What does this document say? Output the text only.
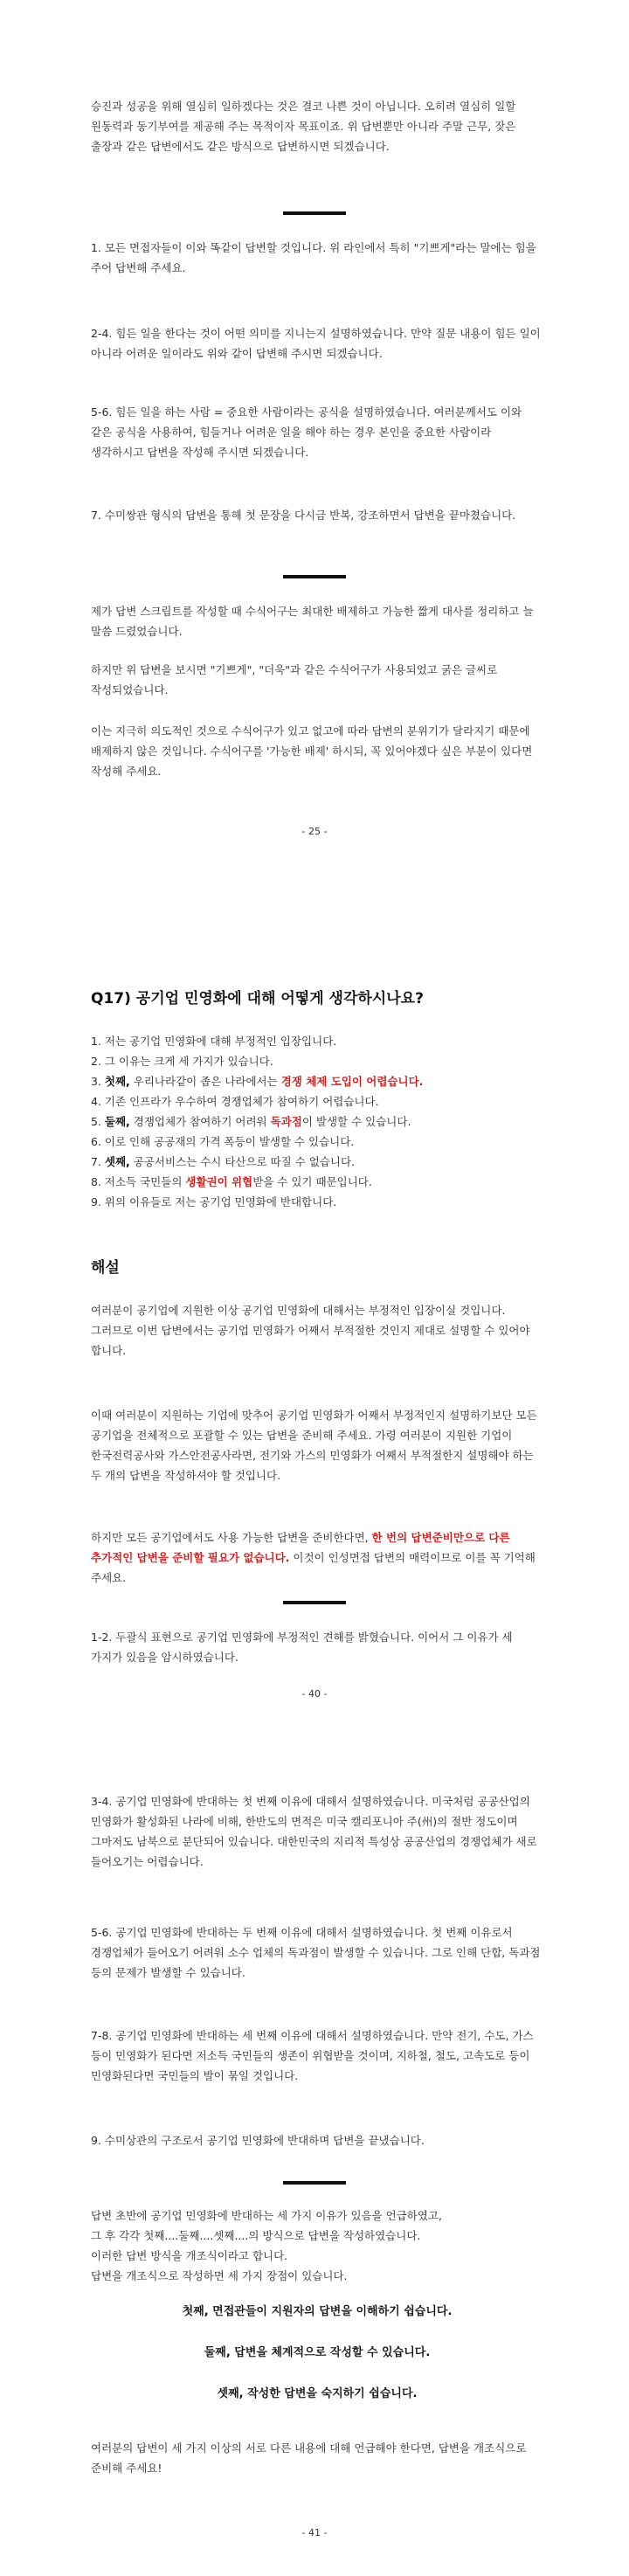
승진과 성공을 위해 열심히 일하겠다는 것은 결코 나쁜 것이 아닙니다. 오히려 열심히 일할 원동력과 동기부여를 제공해 주는 목적이자 목표이죠. 위 답변뿐만 아니라 주말 근무, 잦은 출장과 같은 답변에서도 같은 방식으로 답변하시면 되겠습니다.

1. 모든 면접자들이 이와 똑같이 답변할 것입니다. 위 라인에서 특히 "기쁘게"라는 말에는 힘을 주어 답변해 주세요.

2-4. 힘든 일을 한다는 것이 어떤 의미를 지니는지 설명하였습니다. 만약 질문 내용이 힘든 일이 아니라 어려운 일이라도 위와 같이 답변해 주시면 되겠습니다.

5-6. 힘든 일을 하는 사람 = 중요한 사람이라는 공식을 설명하였습니다. 여러분께서도 이와 같은 공식을 사용하여, 힘들거나 어려운 일을 해야 하는 경우 본인을 중요한 사람이라 생각하시고 답변을 작성해 주시면 되겠습니다.

7. 수미쌍관 형식의 답변을 통해 첫 문장을 다시금 반복, 강조하면서 답변을 끝마쳤습니다.

제가 답변 스크립트를 작성할 때 수식어구는 최대한 배제하고 가능한 짧게 대사를 정리하고 늘 말씀 드렸었습니다.

하지만 위 답변을 보시면 "기쁘게", "더욱"과 같은 수식어구가 사용되었고 굵은 글씨로 작성되었습니다.

이는 지극히 의도적인 것으로 수식어구가 있고 없고에 따라 답변의 분위기가 달라지기 때문에 배제하지 않은 것입니다. 수식어구를 '가능한 배제' 하시되, 꼭 있어야겠다 싶은 부분이 있다면 작성해 주세요.

- 25 -

Q17) 공기업 민영화에 대해 어떻게 생각하시나요?

1. 저는 공기업 민영화에 대해 부정적인 입장입니다.

2. 그 이유는 크게 세 가지가 있습니다.

3. 첫째, 우리나라같이 좁은 나라에서는 경쟁 체제 도입이 어렵습니다.

4. 기존 인프라가 우수하여 경쟁업체가 참여하기 어렵습니다.

5. 둘째, 경쟁업체가 참여하기 어려워 독과점이 발생할 수 있습니다.

6. 이로 인해 공공재의 가격 폭등이 발생할 수 있습니다.

7. 셋째, 공공서비스는 수시 타산으로 따질 수 없습니다.

8. 저소득 국민들의 생활권이 위협받을 수 있기 때문입니다.

9. 위의 이유들로 저는 공기업 민영화에 반대합니다.

해설

여러분이 공기업에 지원한 이상 공기업 민영화에 대해서는 부정적인 입장이실 것입니다.

그러므로 이번 답변에서는 공기업 민영화가 어째서 부적절한 것인지 제대로 설명할 수 있어야 합니다.

이때 여러분이 지원하는 기업에 맞추어 공기업 민영화가 어째서 부정적인지 설명하기보단 모든 공기업을 전체적으로 포괄할 수 있는 답변을 준비해 주세요. 가령 여러분이 지원한 기업이 한국전력공사와 가스안전공사라면, 전기와 가스의 민영화가 어째서 부적절한지 설명해야 하는 두 개의 답변을 작성하셔야 할 것입니다.

하지만 모든 공기업에서도 사용 가능한 답변을 준비한다면, 한 번의 답변준비만으로 다른 추가적인 답변을 준비할 필요가 없습니다. 이것이 인성면접 답변의 매력이므로 이를 꼭 기억해 주세요.

1-2. 두괄식 표현으로 공기업 민영화에 부정적인 견해를 밝혔습니다. 이어서 그 이유가 세 가지가 있음을 암시하였습니다.

- 40 -

3-4. 공기업 민영화에 반대하는 첫 번째 이유에 대해서 설명하였습니다. 미국처럼 공공산업의 민영화가 활성화된 나라에 비해, 한반도의 면적은 미국 캘리포니아 주(州)의 절반 정도이며 그마저도 남북으로 분단되어 있습니다. 대한민국의 지리적 특성상 공공산업의 경쟁업체가 새로 들어오기는 어렵습니다.

5-6. 공기업 민영화에 반대하는 두 번째 이유에 대해서 설명하였습니다. 첫 번째 이유로서 경쟁업체가 들어오기 어려워 소수 업체의 독과점이 발생할 수 있습니다. 그로 인해 단합, 독과점 등의 문제가 발생할 수 있습니다.

7-8. 공기업 민영화에 반대하는 세 번째 이유에 대해서 설명하였습니다. 만약 전기, 수도, 가스 등이 민영화가 된다면 저소득 국민들의 생존이 위협받을 것이며, 지하철, 철도, 고속도로 등이 민영화된다면 국민들의 발이 묶일 것입니다.

9. 수미상관의 구조로서 공기업 민영화에 반대하며 답변을 끝냈습니다.

답변 초반에 공기업 민영화에 반대하는 세 가지 이유가 있음을 언급하였고,

그 후 각각 첫째....둘째....셋째....의 방식으로 답변을 작성하였습니다.

이러한 답변 방식을 개조식이라고 합니다.

답변을 개조식으로 작성하면 세 가지 장점이 있습니다.

첫째, 면접관들이 지원자의 답변을 이해하기 쉽습니다.

둘째, 답변을 체계적으로 작성할 수 있습니다.

셋째, 작성한 답변을 숙지하기 쉽습니다.

여러분의 답변이 세 가지 이상의 서로 다른 내용에 대해 언급해야 한다면, 답변을 개조식으로 준비해 주세요!

- 41 -
